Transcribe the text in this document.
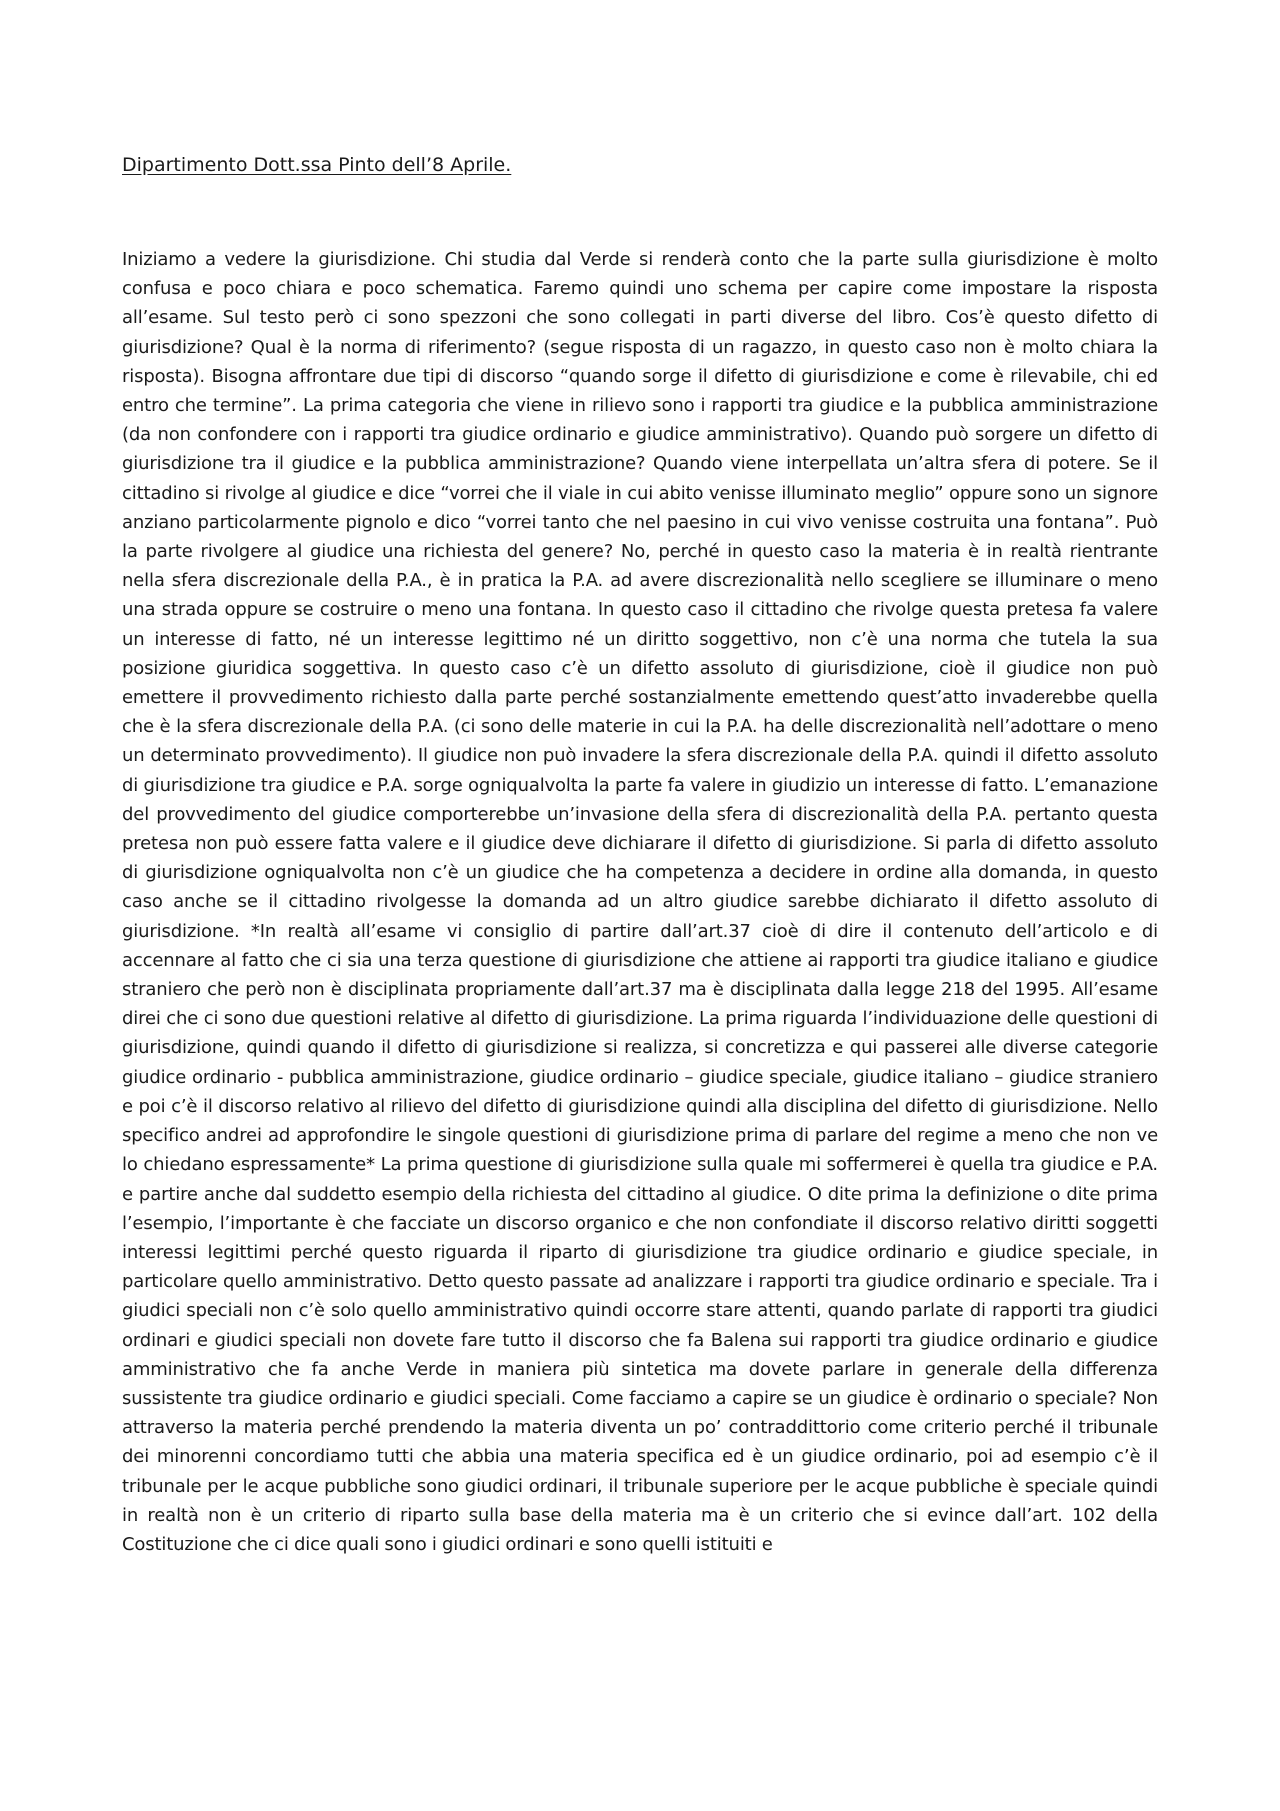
Dipartimento Dott.ssa Pinto dell’8 Aprile.

Iniziamo a vedere la giurisdizione. Chi studia dal Verde si renderà conto che la parte sulla giurisdizione è molto confusa e poco chiara e poco schematica. Faremo quindi uno schema per capire come impostare la risposta all’esame. Sul testo però ci sono spezzoni che sono collegati in parti diverse del libro. Cos’è questo difetto di giurisdizione? Qual è la norma di riferimento? (segue risposta di un ragazzo, in questo caso non è molto chiara la risposta). Bisogna affrontare due tipi di discorso “quando sorge il difetto di giurisdizione e come è rilevabile, chi ed entro che termine”. La prima categoria che viene in rilievo sono i rapporti tra giudice e la pubblica amministrazione (da non confondere con i rapporti tra giudice ordinario e giudice amministrativo). Quando può sorgere un difetto di giurisdizione tra il giudice e la pubblica amministrazione? Quando viene interpellata un’altra sfera di potere. Se il cittadino si rivolge al giudice e dice “vorrei che il viale in cui abito venisse illuminato meglio” oppure sono un signore anziano particolarmente pignolo e dico “vorrei tanto che nel paesino in cui vivo venisse costruita una fontana”. Può la parte rivolgere al giudice una richiesta del genere? No, perché in questo caso la materia è in realtà rientrante nella sfera discrezionale della P.A., è in pratica la P.A. ad avere discrezionalità nello scegliere se illuminare o meno una strada oppure se costruire o meno una fontana. In questo caso il cittadino che rivolge questa pretesa fa valere un interesse di fatto, né un interesse legittimo né un diritto soggettivo, non c’è una norma che tutela la sua posizione giuridica soggettiva. In questo caso c’è un difetto assoluto di giurisdizione, cioè il giudice non può emettere il provvedimento richiesto dalla parte perché sostanzialmente emettendo quest’atto invaderebbe quella che è la sfera discrezionale della P.A. (ci sono delle materie in cui la P.A. ha delle discrezionalità nell’adottare o meno un determinato provvedimento). Il giudice non può invadere la sfera discrezionale della P.A. quindi il difetto assoluto di giurisdizione tra giudice e P.A. sorge ogniqualvolta la parte fa valere in giudizio un interesse di fatto. L’emanazione del provvedimento del giudice comporterebbe un’invasione della sfera di discrezionalità della P.A. pertanto questa pretesa non può essere fatta valere e il giudice deve dichiarare il difetto di giurisdizione. Si parla di difetto assoluto di giurisdizione ogniqualvolta non c’è un giudice che ha competenza a decidere in ordine alla domanda, in questo caso anche se il cittadino rivolgesse la domanda ad un altro giudice sarebbe dichiarato il difetto assoluto di giurisdizione. *In realtà all’esame vi consiglio di partire dall’art.37 cioè di dire il contenuto dell’articolo e di accennare al fatto che ci sia una terza questione di giurisdizione che attiene ai rapporti tra giudice italiano e giudice straniero che però non è disciplinata propriamente dall’art.37 ma è disciplinata dalla legge 218 del 1995. All’esame direi che ci sono due questioni relative al difetto di giurisdizione. La prima riguarda l’individuazione delle questioni di giurisdizione, quindi quando il difetto di giurisdizione si realizza, si concretizza e qui passerei alle diverse categorie giudice ordinario - pubblica amministrazione, giudice ordinario – giudice speciale, giudice italiano – giudice straniero e poi c’è il discorso relativo al rilievo del difetto di giurisdizione quindi alla disciplina del difetto di giurisdizione. Nello specifico andrei ad approfondire le singole questioni di giurisdizione prima di parlare del regime a meno che non ve lo chiedano espressamente* La prima questione di giurisdizione sulla quale mi soffermerei è quella tra giudice e P.A. e partire anche dal suddetto esempio della richiesta del cittadino al giudice. O dite prima la definizione o dite prima l’esempio, l’importante è che facciate un discorso organico e che non confondiate il discorso relativo diritti soggetti interessi legittimi perché questo riguarda il riparto di giurisdizione tra giudice ordinario e giudice speciale, in particolare quello amministrativo. Detto questo passate ad analizzare i rapporti tra giudice ordinario e speciale. Tra i giudici speciali non c’è solo quello amministrativo quindi occorre stare attenti, quando parlate di rapporti tra giudici ordinari e giudici speciali non dovete fare tutto il discorso che fa Balena sui rapporti tra giudice ordinario e giudice amministrativo che fa anche Verde in maniera più sintetica ma dovete parlare in generale della differenza sussistente tra giudice ordinario e giudici speciali. Come facciamo a capire se un giudice è ordinario o speciale? Non attraverso la materia perché prendendo la materia diventa un po’ contraddittorio come criterio perché il tribunale dei minorenni concordiamo tutti che abbia una materia specifica ed è un giudice ordinario, poi ad esempio c’è il tribunale per le acque pubbliche sono giudici ordinari, il tribunale superiore per le acque pubbliche è speciale quindi in realtà non è un criterio di riparto sulla base della materia ma è un criterio che si evince dall’art. 102 della Costituzione che ci dice quali sono i giudici ordinari e sono quelli istituiti e
